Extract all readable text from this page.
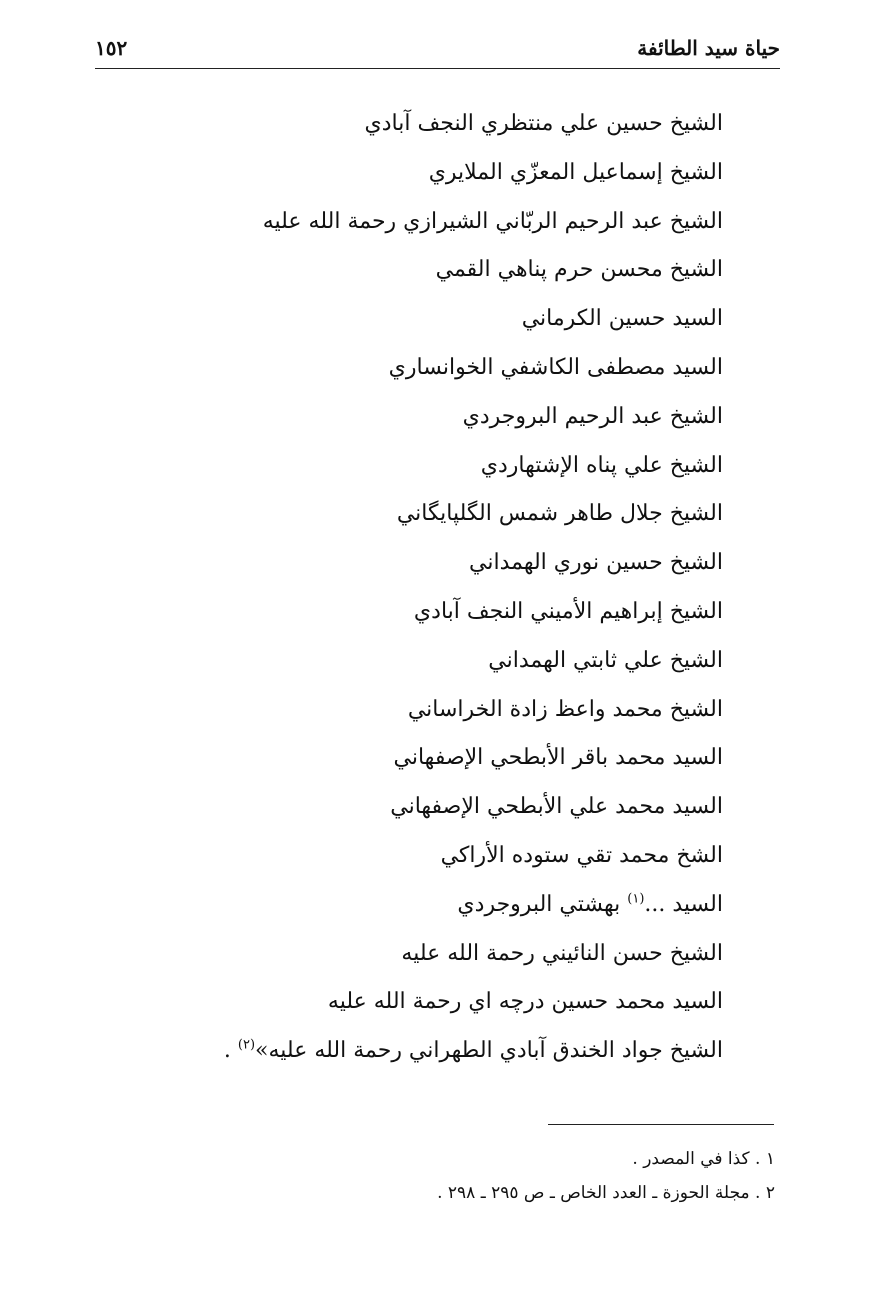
حياة سيد الطائفة
١٥٢
الشيخ حسين علي منتظري النجف آبادي
الشيخ إسماعيل المعزّي الملايري
الشيخ عبد الرحيم الربّاني الشيرازي رحمة الله عليه
الشيخ محسن حرم پناهي القمي
السيد حسين الكرماني
السيد مصطفى الكاشفي الخوانساري
الشيخ عبد الرحيم البروجردي
الشيخ علي پناه الإشتهاردي
الشيخ جلال طاهر شمس الگلپايگاني
الشيخ حسين نوري الهمداني
الشيخ إبراهيم الأميني النجف آبادي
الشيخ علي ثابتي الهمداني
الشيخ محمد واعظ زادة الخراساني
السيد محمد باقر الأبطحي الإصفهاني
السيد محمد علي الأبطحي الإصفهاني
الشخ محمد تقي ستوده الأراكي
السيد ...$^{(١)}$ بهشتي البروجردي
الشيخ حسن النائيني رحمة الله عليه
السيد محمد حسين درچه اي رحمة الله عليه
الشيخ جواد الخندق آبادي الطهراني رحمة الله عليه»$^{(٢)}$ .
١ . كذا في المصدر .
٢ . مجلة الحوزة ـ العدد الخاص ـ ص ٢٩٥ ـ ٢٩٨ .
